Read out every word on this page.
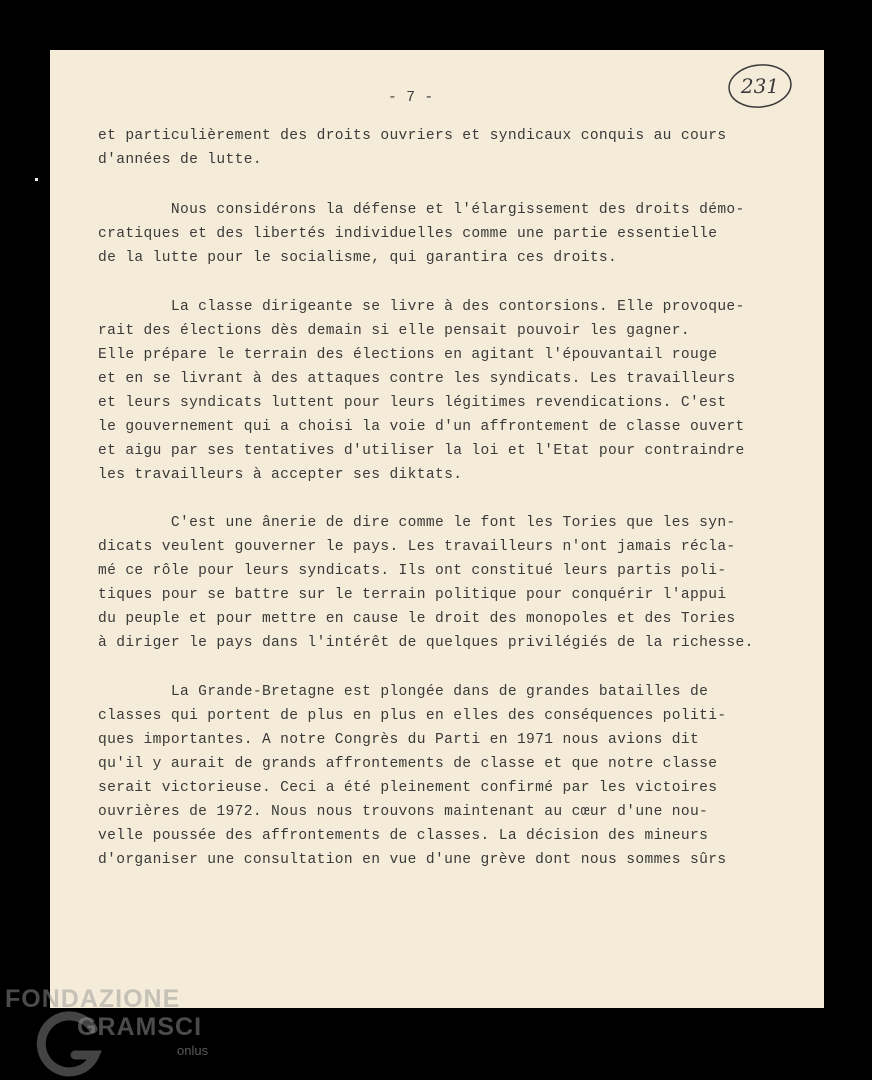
- 7 -	231

et particulièrement des droits ouvriers et syndicaux conquis au cours

d'années de lutte.

Nous considérons la défense et l'élargissement des droits démo-

cratiques et des libertés individuelles comme une partie essentielle

de la lutte pour le socialisme, qui garantira ces droits.

La classe dirigeante se livre à des contorsions. Elle provoque-

rait des élections dès demain si elle pensait pouvoir les gagner.

Elle prépare le terrain des élections en agitant l'épouvantail rouge

et en se livrant à des attaques contre les syndicats. Les travailleurs

et leurs syndicats luttent pour leurs légitimes revendications. C'est

le gouvernement qui a choisi la voie d'un affrontement de classe ouvert

et aigu par ses tentatives d'utiliser la loi et l'Etat pour contraindre

les travailleurs à accepter ses diktats.

C'est une ânerie de dire comme le font les Tories que les syn-

dicats veulent gouverner le pays. Les travailleurs n'ont jamais récla-

mé ce rôle pour leurs syndicats. Ils ont constitué leurs partis poli-

tiques pour se battre sur le terrain politique pour conquérir l'appui

du peuple et pour mettre en cause le droit des monopoles et des Tories

à diriger le pays dans l'intérêt de quelques privilégiés de la richesse.

La Grande-Bretagne est plongée dans de grandes batailles de

classes qui portent de plus en plus en elles des conséquences politi-

ques importantes. A notre Congrès du Parti en 1971 nous avions dit

qu'il y aurait de grands affrontements de classe et que notre classe

serait victorieuse. Ceci a été pleinement confirmé par les victoires

ouvrières de 1972. Nous nous trouvons maintenant au cœur d'une nou-

velle poussée des affrontements de classes. La décision des mineurs

d'organiser une consultation en vue d'une grève dont nous sommes sûrs

FONDAZIONE
GRAMSCI
onlus
